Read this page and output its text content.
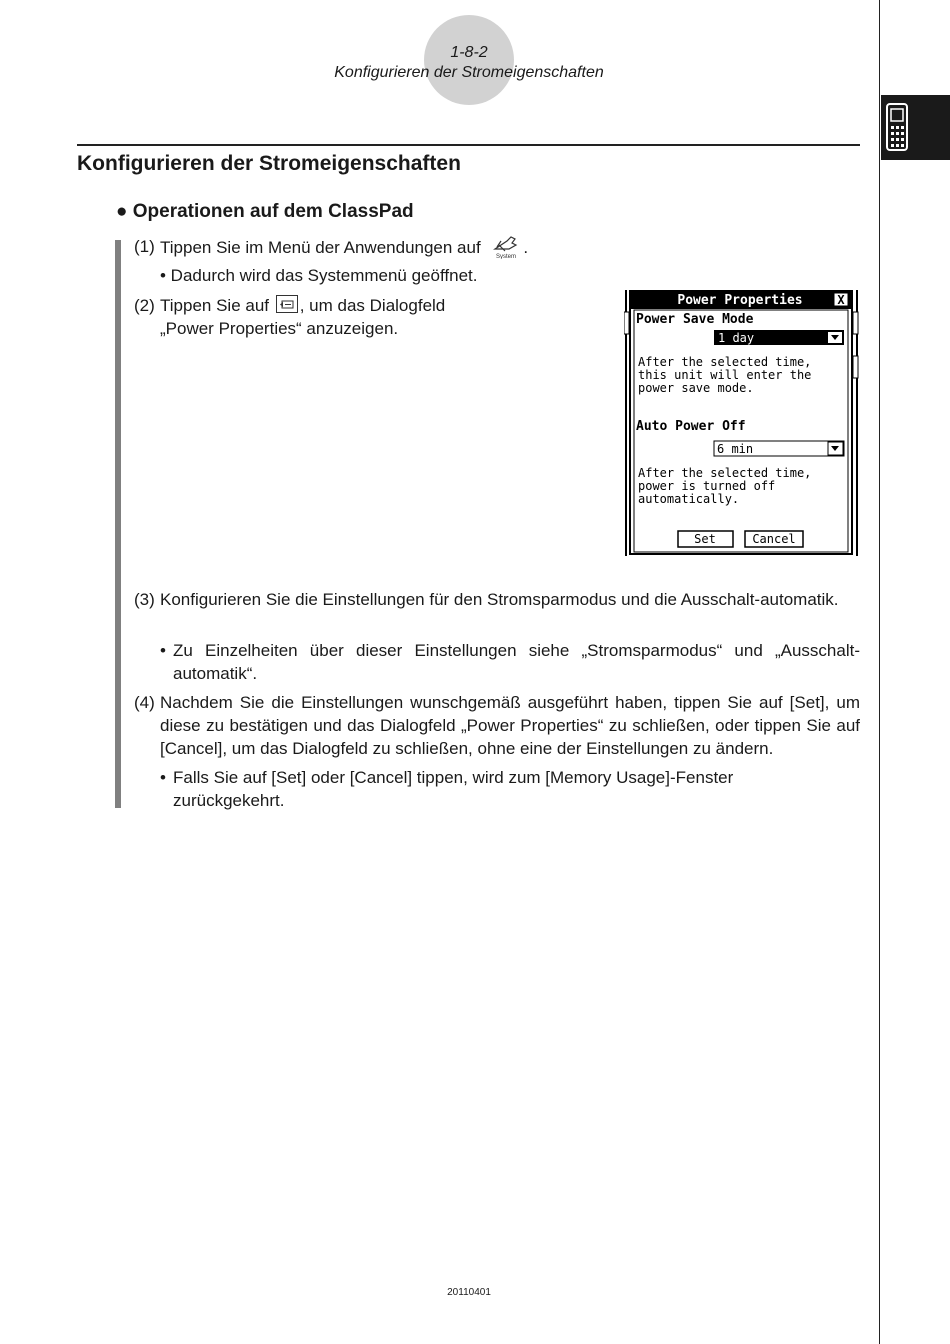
1-8-2
Konfigurieren der Stromeigenschaften
Konfigurieren der Stromeigenschaften
● Operationen auf dem ClassPad
(1) Tippen Sie im Menü der Anwendungen auf System .
• Dadurch wird das Systemmenü geöffnet.
(2) Tippen Sie auf
, um das Dialogfeld
„Power Properties“ anzuzeigen.
Power Properties	X
Power Save Mode
1 day
After the selected time,
this unit will enter the
power save mode.
Auto Power Off
6 min
After the selected time,
power is turned off
automatically.
Set	Cancel
(3) Konfigurieren Sie die Einstellungen für den Stromsparmodus und die Ausschalt-automatik.
• Zu Einzelheiten über dieser Einstellungen siehe „Stromsparmodus“ und „Ausschalt-automatik“.
(4) Nachdem Sie die Einstellungen wunschgemäß ausgeführt haben, tippen Sie auf [Set], um diese zu bestätigen und das Dialogfeld „Power Properties“ zu schließen, oder tippen Sie auf [Cancel], um das Dialogfeld zu schließen, ohne eine der Einstellungen zu ändern.
• Falls Sie auf [Set] oder [Cancel] tippen, wird zum [Memory Usage]-Fenster zurückgekehrt.
20110401
